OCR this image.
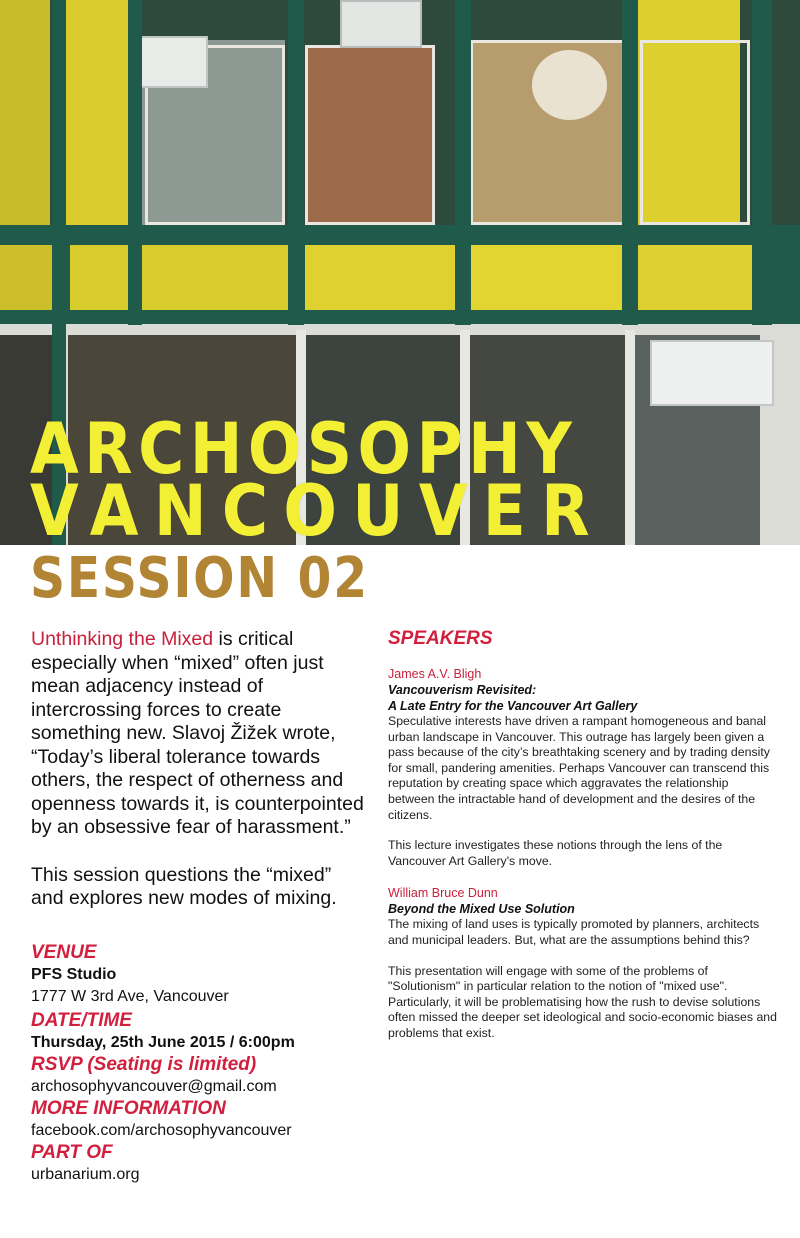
ARCHOSOPHY
VANCOUVER
SESSION 02

Unthinking the Mixed is critical especially when “mixed” often just mean adjacency instead of intercrossing forces to create something new. Slavoj Žižek wrote, “Today’s liberal tolerance towards others, the respect of otherness and openness towards it, is counterpointed by an obsessive fear of harassment.”

This session questions the “mixed” and explores new modes of mixing.

VENUE

PFS Studio

1777 W 3rd Ave, Vancouver

DATE/TIME

Thursday, 25th June 2015 / 6:00pm

RSVP (Seating is limited)

archosophyvancouver@gmail.com

MORE INFORMATION

facebook.com/archosophyvancouver

PART OF

urbanarium.org

SPEAKERS

James A.V. Bligh

Vancouverism Revisited:

A Late Entry for the Vancouver Art Gallery

Speculative interests have driven a rampant homogeneous and banal urban landscape in Vancouver. This outrage has largely been given a pass because of the city’s breathtaking scenery and by trading density for small, pandering amenities. Perhaps Vancouver can transcend this reputation by creating space which aggravates the relationship between the intractable hand of development and the desires of the citizens.

This lecture investigates these notions through the lens of the Vancouver Art Gallery's move.

William Bruce Dunn

Beyond the Mixed Use Solution

The mixing of land uses is typically promoted by planners, architects and municipal leaders. But, what are the assumptions behind this?

This presentation will engage with some of the problems of "Solutionism" in particular relation to the notion of "mixed use". Particularly, it will be problematising how the rush to devise solutions often missed the deeper set ideological and socio-economic biases and problems that exist.
